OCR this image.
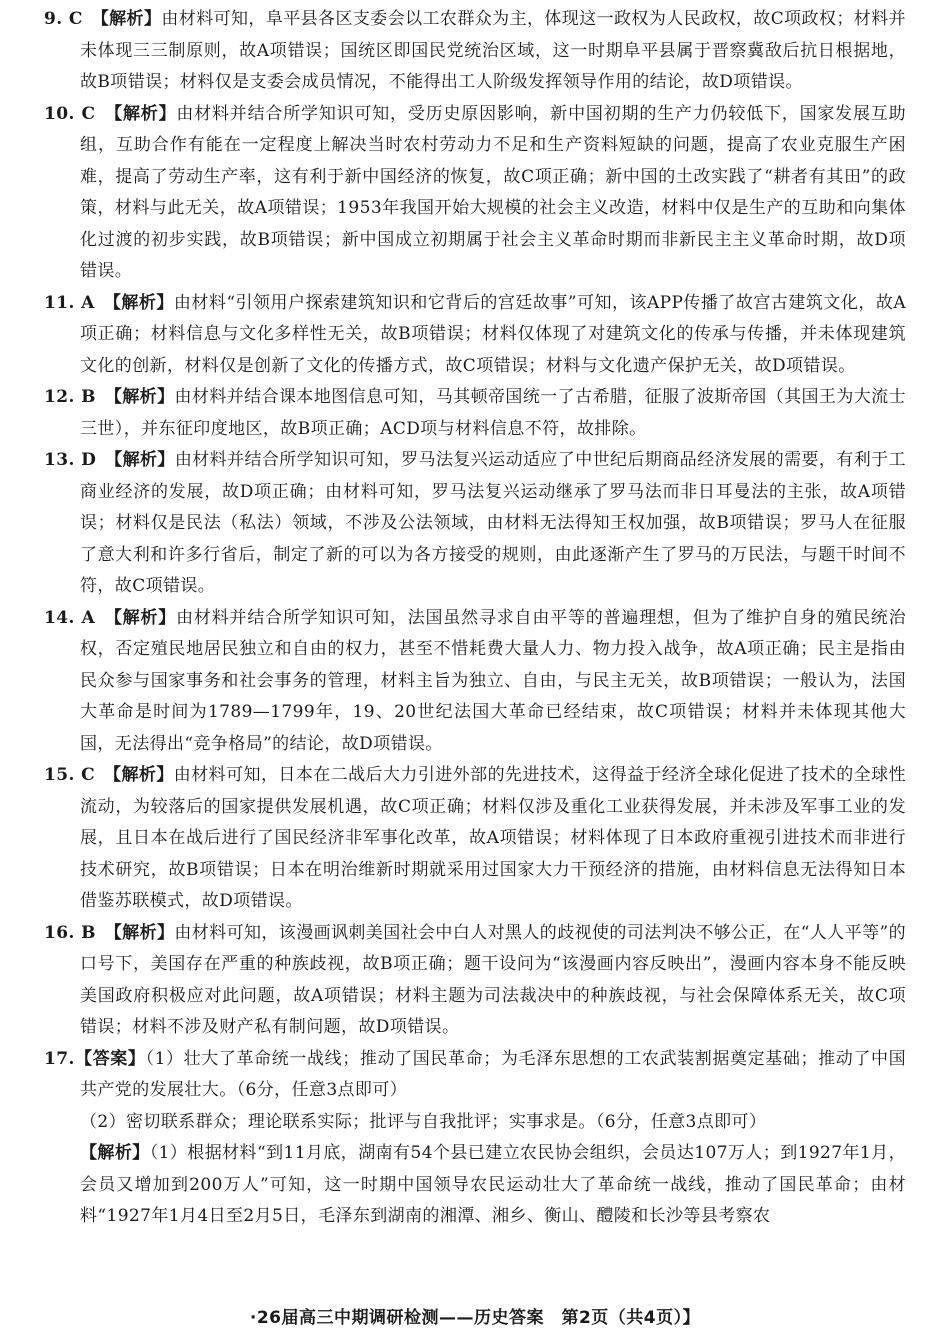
9. C　 【解析】由材料可知，阜平县各区支委会以工农群众为主，体现这一政权为人民政权，故C项政权；材料并未体现三三制原则，故A项错误；国统区即国民党统治区域，这一时期阜平县属于晋察冀敌后抗日根据地，故B项错误；材料仅是支委会成员情况，不能得出工人阶级发挥领导作用的结论，故D项错误。

10. C　 【解析】由材料并结合所学知识可知，受历史原因影响，新中国初期的生产力仍较低下，国家发展互助组，互助合作有能在一定程度上解决当时农村劳动力不足和生产资料短缺的问题，提高了农业克服生产困难，提高了劳动生产率，这有利于新中国经济的恢复，故C项正确；新中国的土改实践了“耕者有其田”的政策，材料与此无关，故A项错误；1953年我国开始大规模的社会主义改造，材料中仅是生产的互助和向集体化过渡的初步实践，故B项错误；新中国成立初期属于社会主义革命时期而非新民主主义革命时期，故D项错误。

11. A　 【解析】由材料“引领用户探索建筑知识和它背后的宫廷故事”可知，该APP传播了故宫古建筑文化，故A项正确；材料信息与文化多样性无关，故B项错误；材料仅体现了对建筑文化的传承与传播，并未体现建筑文化的创新，材料仅是创新了文化的传播方式，故C项错误；材料与文化遗产保护无关，故D项错误。

12. B　 【解析】由材料并结合课本地图信息可知，马其顿帝国统一了古希腊，征服了波斯帝国（其国王为大流士三世），并东征印度地区，故B项正确；ACD项与材料信息不符，故排除。

13. D　 【解析】由材料并结合所学知识可知，罗马法复兴运动适应了中世纪后期商品经济发展的需要，有利于工商业经济的发展，故D项正确；由材料可知，罗马法复兴运动继承了罗马法而非日耳曼法的主张，故A项错误；材料仅是民法（私法）领域，不涉及公法领域，由材料无法得知王权加强，故B项错误；罗马人在征服了意大利和许多行省后，制定了新的可以为各方接受的规则，由此逐渐产生了罗马的万民法，与题干时间不符，故C项错误。

14. A　 【解析】由材料并结合所学知识可知，法国虽然寻求自由平等的普遍理想，但为了维护自身的殖民统治权，否定殖民地居民独立和自由的权力，甚至不惜耗费大量人力、物力投入战争，故A项正确；民主是指由民众参与国家事务和社会事务的管理，材料主旨为独立、自由，与民主无关，故B项错误；一般认为，法国大革命是时间为1789—1799年，19、20世纪法国大革命已经结束，故C项错误；材料并未体现其他大国，无法得出“竞争格局”的结论，故D项错误。

15. C　 【解析】由材料可知，日本在二战后大力引进外部的先进技术，这得益于经济全球化促进了技术的全球性流动，为较落后的国家提供发展机遇，故C项正确；材料仅涉及重化工业获得发展，并未涉及军事工业的发展，且日本在战后进行了国民经济非军事化改革，故A项错误；材料体现了日本政府重视引进技术而非进行技术研究，故B项错误；日本在明治维新时期就采用过国家大力干预经济的措施，由材料信息无法得知日本借鉴苏联模式，故D项错误。

16. B　 【解析】由材料可知，该漫画讽刺美国社会中白人对黑人的歧视使的司法判决不够公正，在“人人平等”的口号下，美国存在严重的种族歧视，故B项正确；题干设问为“该漫画内容反映出”，漫画内容本身不能反映美国政府积极应对此问题，故A项错误；材料主题为司法裁决中的种族歧视，与社会保障体系无关，故C项错误；材料不涉及财产私有制问题，故D项错误。

17.【答案】（1）壮大了革命统一战线；推动了国民革命；为毛泽东思想的工农武装割据奠定基础；推动了中国共产党的发展壮大。（6分，任意3点即可）

（2）密切联系群众；理论联系实际；批评与自我批评；实事求是。（6分，任意3点即可）

【解析】（1）根据材料“到11月底，湖南有54个县已建立农民协会组织，会员达107万人；到1927年1月，会员又增加到200万人”可知，这一时期中国领导农民运动壮大了革命统一战线，推动了国民革命；由材料“1927年1月4日至2月5日，毛泽东到湖南的湘潭、湘乡、衡山、醴陵和长沙等县考察农

·26届高三中期调研检测——历史答案　第2页（共4页）】
